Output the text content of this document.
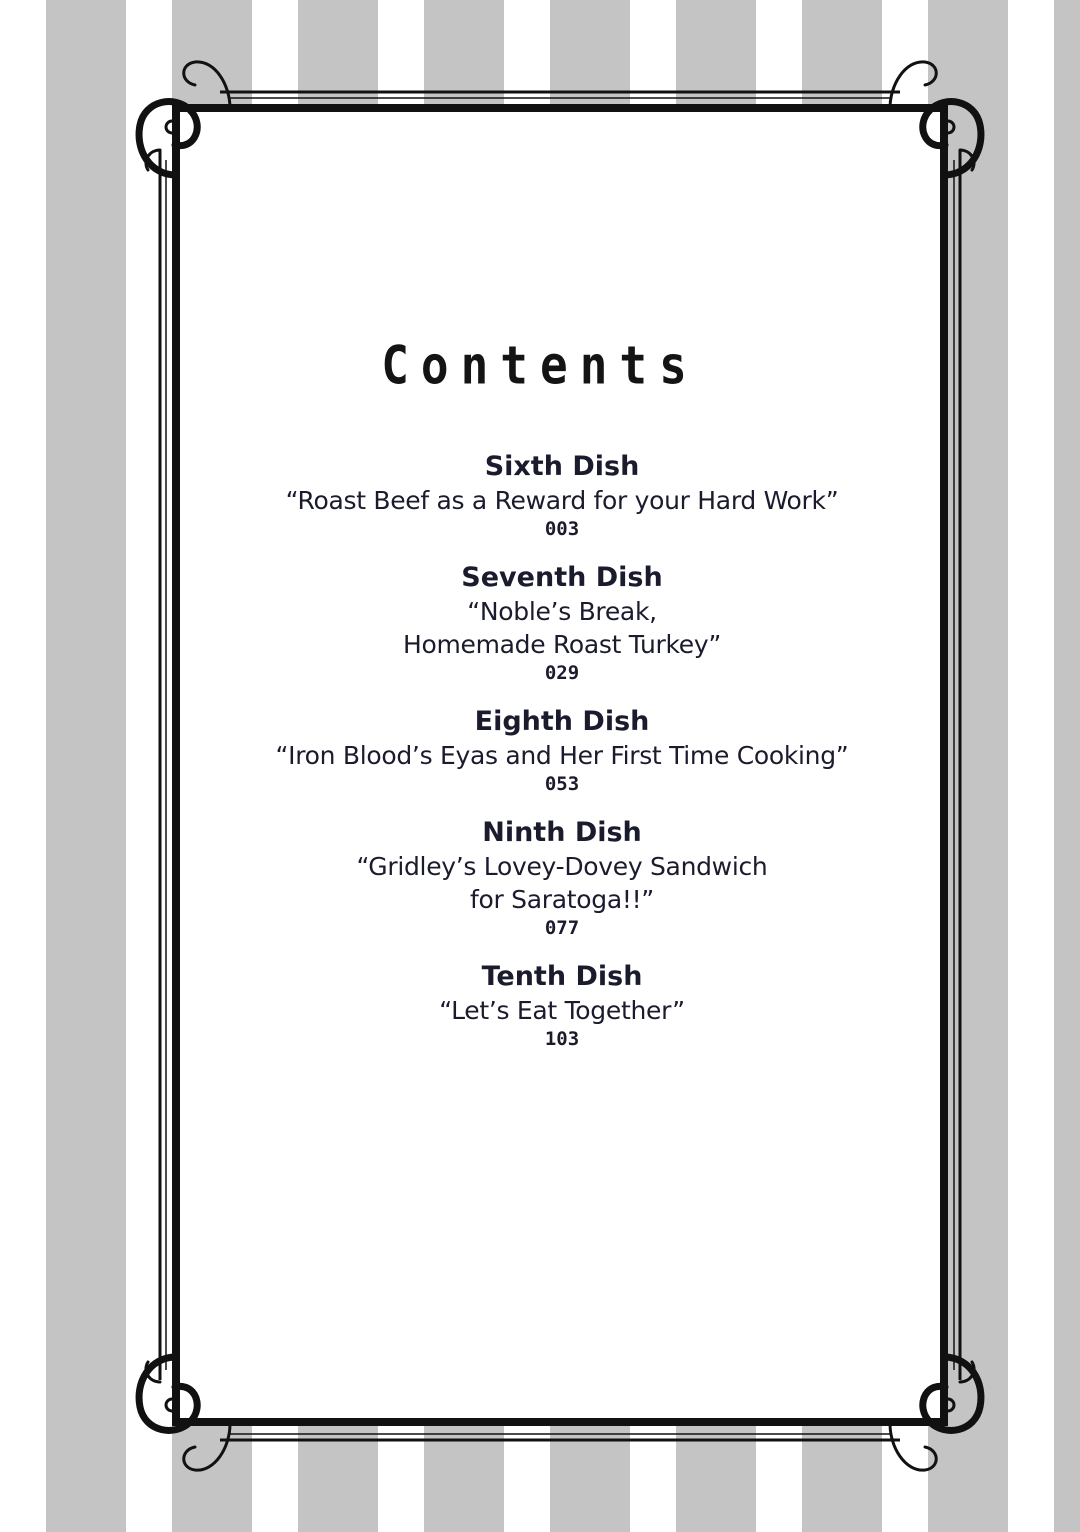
Contents
Sixth Dish
“Roast Beef as a Reward for your Hard Work”
003
Seventh Dish
“Noble’s Break,
Homemade Roast Turkey”
029
Eighth Dish
“Iron Blood’s Eyas and Her First Time Cooking”
053
Ninth Dish
“Gridley’s Lovey-Dovey Sandwich
for Saratoga!!”
077
Tenth Dish
“Let’s Eat Together”
103
